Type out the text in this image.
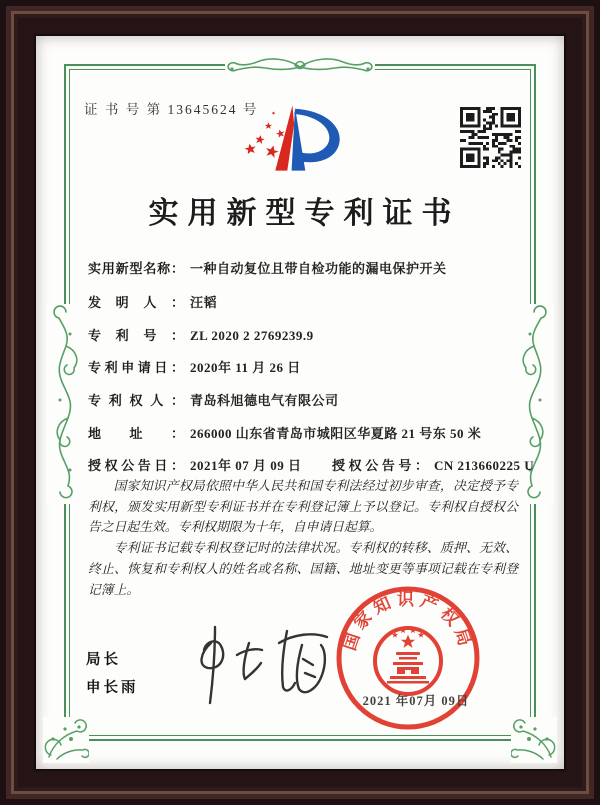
证 书 号 第 13645624 号
实用新型专利证书
实用新型名称： 一种自动复位且带自检功能的漏电保护开关
发明人： 汪韬
专利号： ZL 2020 2 2769239.9
专利申请日： 2020年 11 月 26 日
专利权人： 青岛科旭德电气有限公司
地址： 266000 山东省青岛市城阳区华夏路 21 号东 50 米
授权公告日： 2021年 07 月 09 日 授权公告号： CN 213660225 U

国家知识产权局依照中华人民共和国专利法经过初步审查，决定授予专利权，颁发实用新型专利证书并在专利登记簿上予以登记。专利权自授权公告之日起生效。专利权期限为十年，自申请日起算。

专利证书记载专利权登记时的法律状况。专利权的转移、质押、无效、终止、恢复和专利权人的姓名或名称、国籍、地址变更等事项记载在专利登记簿上。

局长
申长雨
国家知识产权局
2021 年07月 09日
